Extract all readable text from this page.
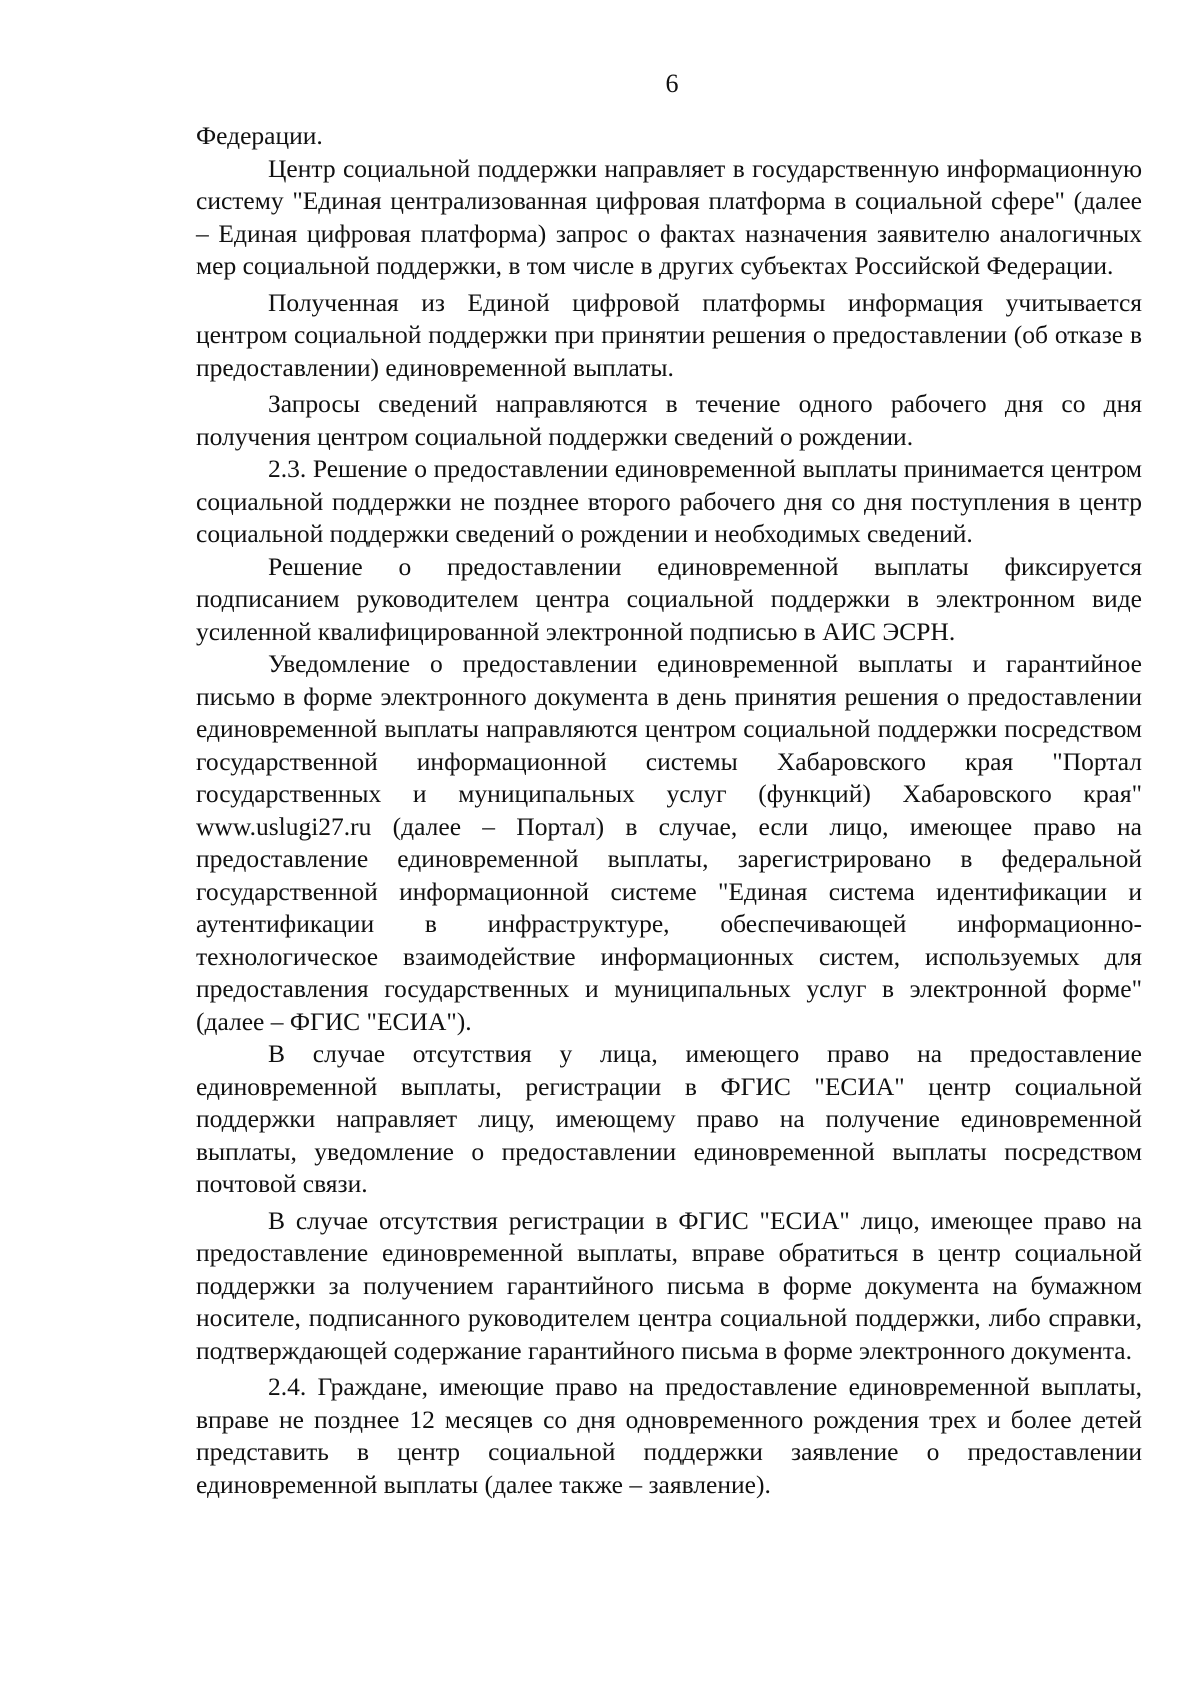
6

Федерации.

Центр социальной поддержки направляет в государственную информационную систему "Единая централизованная цифровая платформа в социальной сфере" (далее – Единая цифровая платформа) запрос о фактах назначения заявителю аналогичных мер социальной поддержки, в том числе в других субъектах Российской Федерации.

Полученная из Единой цифровой платформы информация учитывается центром социальной поддержки при принятии решения о предоставлении (об отказе в предоставлении) единовременной выплаты.

Запросы сведений направляются в течение одного рабочего дня со дня получения центром социальной поддержки сведений о рождении.

2.3. Решение о предоставлении единовременной выплаты принимается центром социальной поддержки не позднее второго рабочего дня со дня поступления в центр социальной поддержки сведений о рождении и необходимых сведений.

Решение о предоставлении единовременной выплаты фиксируется подписанием руководителем центра социальной поддержки в электронном виде усиленной квалифицированной электронной подписью в АИС ЭСРН.

Уведомление о предоставлении единовременной выплаты и гарантийное письмо в форме электронного документа в день принятия решения о предоставлении единовременной выплаты направляются центром социальной поддержки посредством государственной информационной системы Хабаровского края "Портал государственных и муниципальных услуг (функций) Хабаровского края" www.uslugi27.ru (далее – Портал) в случае, если лицо, имеющее право на предоставление единовременной выплаты, зарегистрировано в федеральной государственной информационной системе "Единая система идентификации и аутентификации в инфраструктуре, обеспечивающей информационно-технологическое взаимодействие информационных систем, используемых для предоставления государственных и муниципальных услуг в электронной форме" (далее – ФГИС "ЕСИА").

В случае отсутствия у лица, имеющего право на предоставление единовременной выплаты, регистрации в ФГИС "ЕСИА" центр социальной поддержки направляет лицу, имеющему право на получение единовременной выплаты, уведомление о предоставлении единовременной выплаты посредством почтовой связи.

В случае отсутствия регистрации в ФГИС "ЕСИА" лицо, имеющее право на предоставление единовременной выплаты, вправе обратиться в центр социальной поддержки за получением гарантийного письма в форме документа на бумажном носителе, подписанного руководителем центра социальной поддержки, либо справки, подтверждающей содержание гарантийного письма в форме электронного документа.

2.4. Граждане, имеющие право на предоставление единовременной выплаты, вправе не позднее 12 месяцев со дня одновременного рождения трех и более детей представить в центр социальной поддержки заявление о предоставлении единовременной выплаты (далее также – заявление).
